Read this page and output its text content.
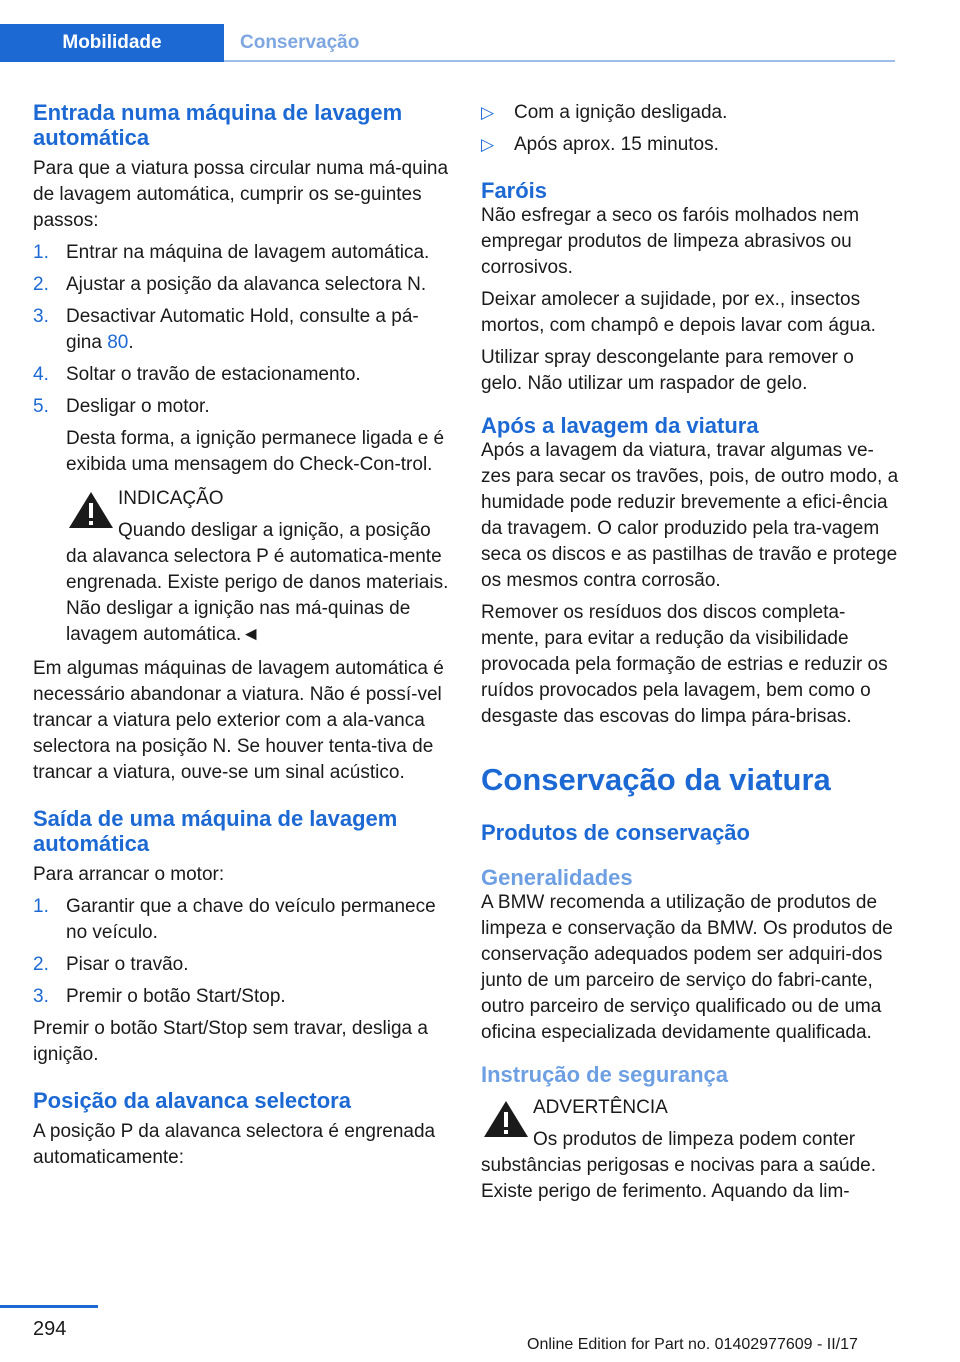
Mobilidade	Conservação
Entrada numa máquina de lavagem automática

Para que a viatura possa circular numa má-quina de lavagem automática, cumprir os se-guintes passos:

1. Entrar na máquina de lavagem automática.
2. Ajustar a posição da alavanca selectora N.
3. Desactivar Automatic Hold, consulte a pá-gina 80.
4. Soltar o travão de estacionamento.
5. Desligar o motor.

Desta forma, a ignição permanece ligada e é exibida uma mensagem do Check-Con-trol.

INDICAÇÃO

Quando desligar a ignição, a posição

da alavanca selectora P é automatica-mente engrenada. Existe perigo de danos materiais. Não desligar a ignição nas má-quinas de lavagem automática.◄

Em algumas máquinas de lavagem automática é necessário abandonar a viatura. Não é possí-vel trancar a viatura pelo exterior com a ala-vanca selectora na posição N. Se houver tenta-tiva de trancar a viatura, ouve-se um sinal acústico.

Saída de uma máquina de lavagem automática

Para arrancar o motor:

1. Garantir que a chave do veículo permanece no veículo.
2. Pisar o travão.
3. Premir o botão Start/Stop.

Premir o botão Start/Stop sem travar, desliga a ignição.

Posição da alavanca selectora

A posição P da alavanca selectora é engrenada automaticamente:

▷ Com a ignição desligada.
▷ Após aprox. 15 minutos.
Faróis

Não esfregar a seco os faróis molhados nem empregar produtos de limpeza abrasivos ou corrosivos.

Deixar amolecer a sujidade, por ex., insectos mortos, com champô e depois lavar com água.

Utilizar spray descongelante para remover o gelo. Não utilizar um raspador de gelo.

Após a lavagem da viatura

Após a lavagem da viatura, travar algumas ve-zes para secar os travões, pois, de outro modo, a humidade pode reduzir brevemente a efici-ência da travagem. O calor produzido pela tra-vagem seca os discos e as pastilhas de travão e protege os mesmos contra corrosão.

Remover os resíduos dos discos completa-mente, para evitar a redução da visibilidade provocada pela formação de estrias e reduzir os ruídos provocados pela lavagem, bem como o desgaste das escovas do limpa pára-brisas.

Conservação da viatura
Produtos de conservação
Generalidades

A BMW recomenda a utilização de produtos de limpeza e conservação da BMW. Os produtos de conservação adequados podem ser adquiri-dos junto de um parceiro de serviço do fabri-cante, outro parceiro de serviço qualificado ou de uma oficina especializada devidamente qualificada.

Instrução de segurança

ADVERTÊNCIA

Os produtos de limpeza podem conter

substâncias perigosas e nocivas para a saúde. Existe perigo de ferimento. Aquando da lim-

294
Online Edition for Part no. 01402977609 - II/17
